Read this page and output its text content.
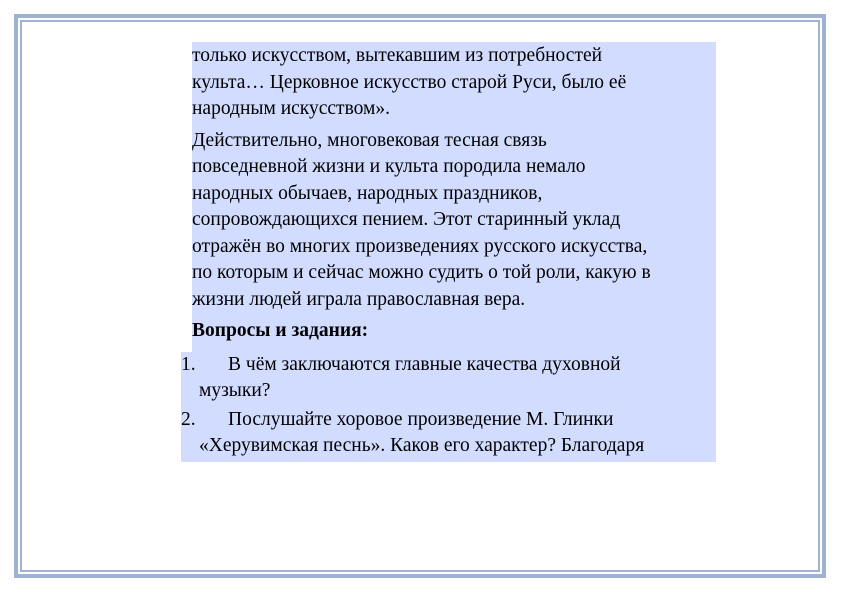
только искусством, вытекавшим из потребностей
культа… Церковное искусство старой Руси, было её
народным искусством».
Действительно, многовековая тесная связь
повседневной жизни и культа породила немало
народных обычаев, народных праздников,
сопровождающихся пением. Этот старинный уклад
отражён во многих произведениях русского искусства,
по которым и сейчас можно судить о той роли, какую в
жизни людей играла православная вера.
Вопросы и задания:
1.	В чём заключаются главные качества духовной
музыки?
2.	Послушайте хоровое произведение М. Глинки
«Херувимская песнь». Каков его характер? Благодаря
